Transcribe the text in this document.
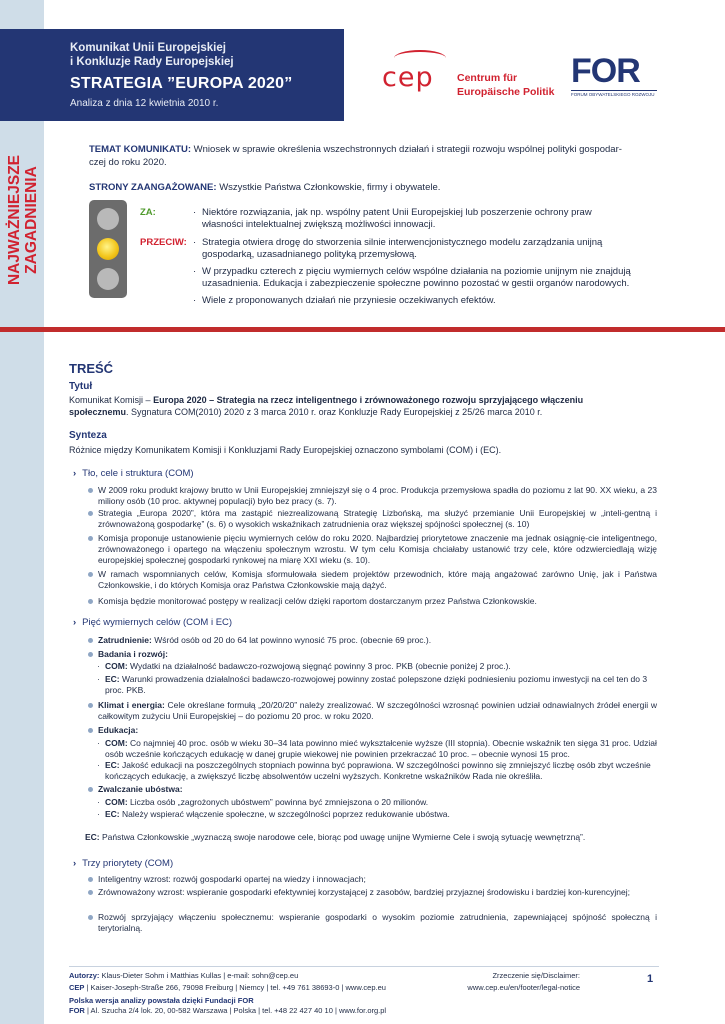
Komunikat Unii Europejskiej
i Konkluzje Rady Europejskiej
STRATEGIA ”EUROPA 2020”
Analiza z dnia 12 kwietnia 2010 r.
cep Centrum für
Europäische Politik
FOR
FORUM OBYWATELSKIEGO ROZWOJU
NAJWAŻNIEJSZE ZAGADNIENIA
TEMAT KOMUNIKATU: Wniosek w sprawie określenia wszechstronnych działań i strategii rozwoju wspólnej polityki gospodar-
czej do roku 2020.
STRONY ZAANGAŻOWANE: Wszystkie Państwa Członkowskie, firmy i obywatele.
ZA:	· Niektóre rozwiązania, jak np. wspólny patent Unii Europejskiej lub poszerzenie ochrony praw
własności intelektualnej zwiększą możliwości innowacji.
PRZECIW: · Strategia otwiera drogę do stworzenia silnie interwencjonistycznego modelu zarządzania unijną
gospodarką, uzasadnianego polityką przemysłową.
· W przypadku czterech z pięciu wymiernych celów wspólne działania na poziomie unijnym nie znajdują
uzasadnienia. Edukacja i zabezpieczenie społeczne powinno pozostać w gestii organów narodowych.
· Wiele z proponowanych działań nie przyniesie oczekiwanych efektów.
TREŚĆ
Tytuł
Komunikat Komisji – Europa 2020 – Strategia na rzecz inteligentnego i zrównoważonego rozwoju sprzyjającego włączeniu
społecznemu. Sygnatura COM(2010) 2020 z 3 marca 2010 r. oraz Konkluzje Rady Europejskiej z 25/26 marca 2010 r.
Synteza
Różnice między Komunikatem Komisji i Konkluzjami Rady Europejskiej oznaczono symbolami (COM) i (EC).
› Tło, cele i struktura (COM)
W 2009 roku produkt krajowy brutto w Unii Europejskiej zmniejszył się o 4 proc. Produkcja przemysłowa spadła do poziomu z lat 90. XX wieku, a 23 miliony osób (10 proc. aktywnej populacji) było bez pracy (s. 7).
Strategia „Europa 2020”, która ma zastąpić niezrealizowaną Strategię Lizbońską, ma służyć przemianie Unii Europejskiej w „inteli-gentną i zrównoważoną gospodarkę” (s. 6) o wysokich wskaźnikach zatrudnienia oraz większej spójności społecznej (s. 10)
Komisja proponuje ustanowienie pięciu wymiernych celów do roku 2020. Najbardziej priorytetowe znaczenie ma jednak osiągnię-cie inteligentnego, zrównoważonego i opartego na włączeniu społecznym wzrostu. W tym celu Komisja chciałaby ustanowić trzy cele, które odzwierciedlają wizję europejskiej społecznej gospodarki rynkowej na miarę XXI wieku (s. 10).
W ramach wspomnianych celów, Komisja sformułowała siedem projektów przewodnich, które mają angażować zarówno Unię, jak i Państwa Członkowskie, i do których Komisja oraz Państwa Członkowskie mają dążyć.
Komisja będzie monitorować postępy w realizacji celów dzięki raportom dostarczanym przez Państwa Członkowskie.
› Pięć wymiernych celów (COM i EC)
Zatrudnienie: Wśród osób od 20 do 64 lat powinno wynosić 75 proc. (obecnie 69 proc.).
Badania i rozwój:
· COM: Wydatki na działalność badawczo-rozwojową sięgnąć powinny 3 proc. PKB (obecnie poniżej 2 proc.).
· EC: Warunki prowadzenia działalności badawczo-rozwojowej powinny zostać polepszone dzięki podniesieniu poziomu inwestycji na cel ten do 3 proc. PKB.
Klimat i energia: Cele określane formułą „20/20/20” należy zrealizować. W szczególności wzrosnąć powinien udział odnawialnych źródeł energii w całkowitym zużyciu Unii Europejskiej – do poziomu 20 proc. w roku 2020.
Edukacja:
· COM: Co najmniej 40 proc. osób w wieku 30–34 lata powinno mieć wykształcenie wyższe (III stopnia). Obecnie wskaźnik ten sięga 31 proc. Udział osób wcześnie kończących edukację w danej grupie wiekowej nie powinien przekraczać 10 proc. – obecnie wynosi 15 proc.
· EC: Jakość edukacji na poszczególnych stopniach powinna być poprawiona. W szczególności powinno się zmniejszyć liczbę osób zbyt wcześnie kończących edukację, a zwiększyć liczbę absolwentów uczelni wyższych. Konkretne wskaźników Rada nie określiła.
Zwalczanie ubóstwa:
· COM: Liczba osób „zagrożonych ubóstwem” powinna być zmniejszona o 20 milionów.
· EC: Należy wspierać włączenie społeczne, w szczególności poprzez redukowanie ubóstwa.
EC: Państwa Członkowskie „wyznaczą swoje narodowe cele, biorąc pod uwagę unijne Wymierne Cele i swoją sytuację wewnętrzną”.
› Trzy priorytety (COM)
Inteligentny wzrost: rozwój gospodarki opartej na wiedzy i innowacjach;
Zrównoważony wzrost: wspieranie gospodarki efektywniej korzystającej z zasobów, bardziej przyjaznej środowisku i bardziej kon-kurencyjnej;
Rozwój sprzyjający włączeniu społecznemu: wspieranie gospodarki o wysokim poziomie zatrudnienia, zapewniającej spójność społeczną i terytorialną.
Autorzy: Klaus-Dieter Sohm i Matthias Kullas | e-mail: sohn@cep.eu
CEP | Kaiser-Joseph-Straße 266, 79098 Freiburg | Niemcy | tel. +49 761 38693-0 | www.cep.eu
Polska wersja analizy powstała dzięki Fundacji FOR
FOR | Al. Szucha 2/4 lok. 20, 00-582 Warszawa | Polska | tel. +48 22 427 40 10 | www.for.org.pl
Zrzeczenie się/Disclaimer:
www.cep.eu/en/footer/legal-notice
1
